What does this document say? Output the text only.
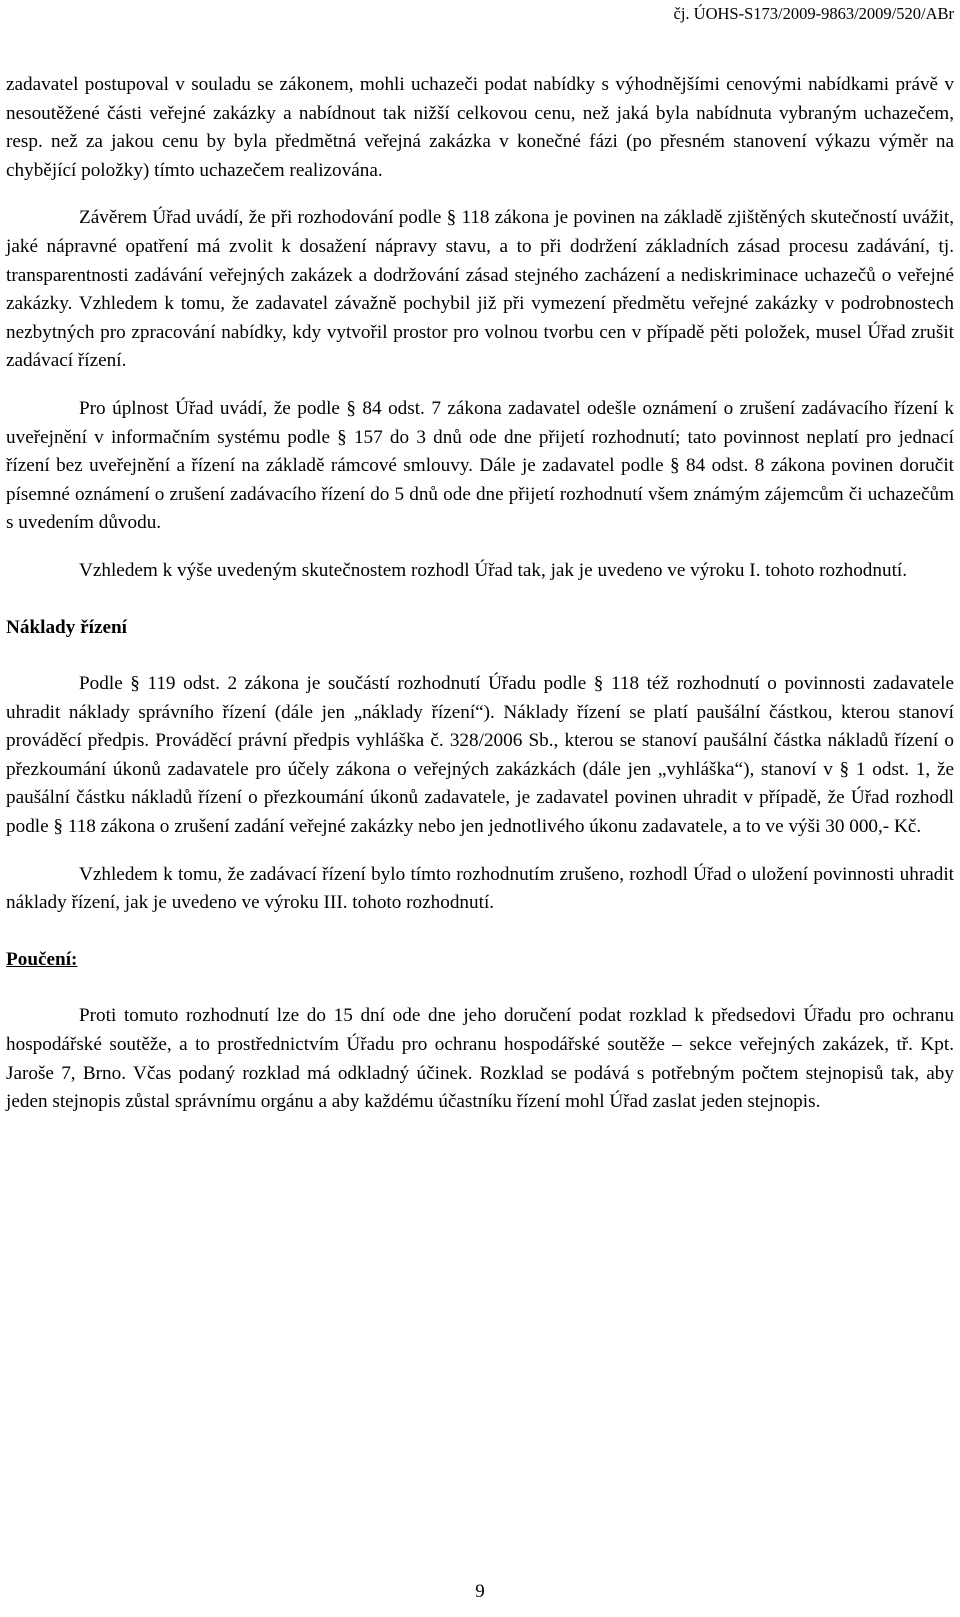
čj. ÚOHS-S173/2009-9863/2009/520/ABr

zadavatel postupoval v souladu se zákonem, mohli uchazeči podat nabídky s výhodnějšími cenovými nabídkami právě v nesoutěžené části veřejné zakázky a nabídnout tak nižší celkovou cenu, než jaká byla nabídnuta vybraným uchazečem, resp. než za jakou cenu by byla předmětná veřejná zakázka v konečné fázi (po přesném stanovení výkazu výměr na chybějící položky) tímto uchazečem realizována.

Závěrem Úřad uvádí, že při rozhodování podle § 118 zákona je povinen na základě zjištěných skutečností uvážit, jaké nápravné opatření má zvolit k dosažení nápravy stavu, a to při dodržení základních zásad procesu zadávání, tj. transparentnosti zadávání veřejných zakázek a dodržování zásad stejného zacházení a nediskriminace uchazečů o veřejné zakázky. Vzhledem k tomu, že zadavatel závažně pochybil již při vymezení předmětu veřejné zakázky v podrobnostech nezbytných pro zpracování nabídky, kdy vytvořil prostor pro volnou tvorbu cen v případě pěti položek, musel Úřad zrušit zadávací řízení.

Pro úplnost Úřad uvádí, že podle § 84 odst. 7 zákona zadavatel odešle oznámení o zrušení zadávacího řízení k uveřejnění v informačním systému podle § 157 do 3 dnů ode dne přijetí rozhodnutí; tato povinnost neplatí pro jednací řízení bez uveřejnění a řízení na základě rámcové smlouvy. Dále je zadavatel podle § 84 odst. 8 zákona povinen doručit písemné oznámení o zrušení zadávacího řízení do 5 dnů ode dne přijetí rozhodnutí všem známým zájemcům či uchazečům s uvedením důvodu.

Vzhledem k výše uvedeným skutečnostem rozhodl Úřad tak, jak je uvedeno ve výroku I. tohoto rozhodnutí.

Náklady řízení

Podle § 119 odst. 2 zákona je součástí rozhodnutí Úřadu podle § 118 též rozhodnutí o povinnosti zadavatele uhradit náklady správního řízení (dále jen „náklady řízení“). Náklady řízení se platí paušální částkou, kterou stanoví prováděcí předpis. Prováděcí právní předpis vyhláška č. 328/2006 Sb., kterou se stanoví paušální částka nákladů řízení o přezkoumání úkonů zadavatele pro účely zákona o veřejných zakázkách (dále jen „vyhláška“), stanoví v § 1 odst. 1, že paušální částku nákladů řízení o přezkoumání úkonů zadavatele, je zadavatel povinen uhradit v případě, že Úřad rozhodl podle § 118 zákona o zrušení zadání veřejné zakázky nebo jen jednotlivého úkonu zadavatele, a to ve výši 30 000,- Kč.

Vzhledem k tomu, že zadávací řízení bylo tímto rozhodnutím zrušeno, rozhodl Úřad o uložení povinnosti uhradit náklady řízení, jak je uvedeno ve výroku III. tohoto rozhodnutí.

Poučení:

Proti tomuto rozhodnutí lze do 15 dní ode dne jeho doručení podat rozklad k předsedovi Úřadu pro ochranu hospodářské soutěže, a to prostřednictvím Úřadu pro ochranu hospodářské soutěže – sekce veřejných zakázek, tř. Kpt. Jaroše 7, Brno. Včas podaný rozklad má odkladný účinek. Rozklad se podává s potřebným počtem stejnopisů tak, aby jeden stejnopis zůstal správnímu orgánu a aby každému účastníku řízení mohl Úřad zaslat jeden stejnopis.

9
